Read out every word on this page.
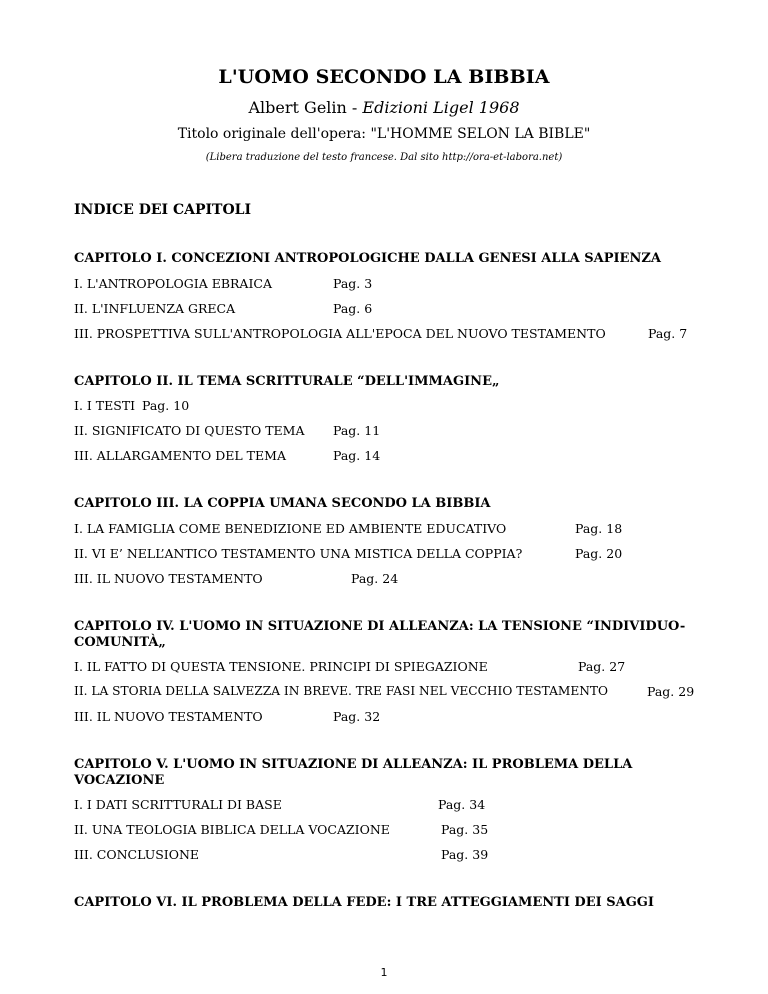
L'UOMO SECONDO LA BIBBIA
Albert Gelin - Edizioni Ligel 1968
Titolo originale dell'opera: "L'HOMME SELON LA BIBLE"
(Libera traduzione del testo francese. Dal sito http://ora-et-labora.net)
INDICE DEI CAPITOLI
CAPITOLO I. CONCEZIONI ANTROPOLOGICHE DALLA GENESI ALLA SAPIENZA
I. L'ANTROPOLOGIA EBRAICA	Pag. 3
II. L'INFLUENZA GRECA	Pag. 6
III. PROSPETTIVA SULL'ANTROPOLOGIA ALL'EPOCA DEL NUOVO TESTAMENTO	Pag. 7
CAPITOLO II. IL TEMA SCRITTURALE “DELL'IMMAGINE„
I. I TESTI Pag. 10
II. SIGNIFICATO DI QUESTO TEMA Pag. 11
III. ALLARGAMENTO DEL TEMA	Pag. 14
CAPITOLO III. LA COPPIA UMANA SECONDO LA BIBBIA
I. LA FAMIGLIA COME BENEDIZIONE ED AMBIENTE EDUCATIVO	Pag. 18
II. VI E’ NELL’ANTICO TESTAMENTO UNA MISTICA DELLA COPPIA?	Pag. 20
III. IL NUOVO TESTAMENTO	Pag. 24
CAPITOLO IV. L'UOMO IN SITUAZIONE DI ALLEANZA: LA TENSIONE “INDIVIDUO-
COMUNITÀ„
I. IL FATTO DI QUESTA TENSIONE. PRINCIPI DI SPIEGAZIONE	Pag. 27
II. LA STORIA DELLA SALVEZZA IN BREVE. TRE FASI NEL VECCHIO TESTAMENTO	Pag. 29
III. IL NUOVO TESTAMENTO	Pag. 32
CAPITOLO V. L'UOMO IN SITUAZIONE DI ALLEANZA: IL PROBLEMA DELLA
VOCAZIONE
I. I DATI SCRITTURALI DI BASE	Pag. 34
II. UNA TEOLOGIA BIBLICA DELLA VOCAZIONE	Pag. 35
III. CONCLUSIONE	Pag. 39
CAPITOLO VI. IL PROBLEMA DELLA FEDE: I TRE ATTEGGIAMENTI DEI SAGGI
1
